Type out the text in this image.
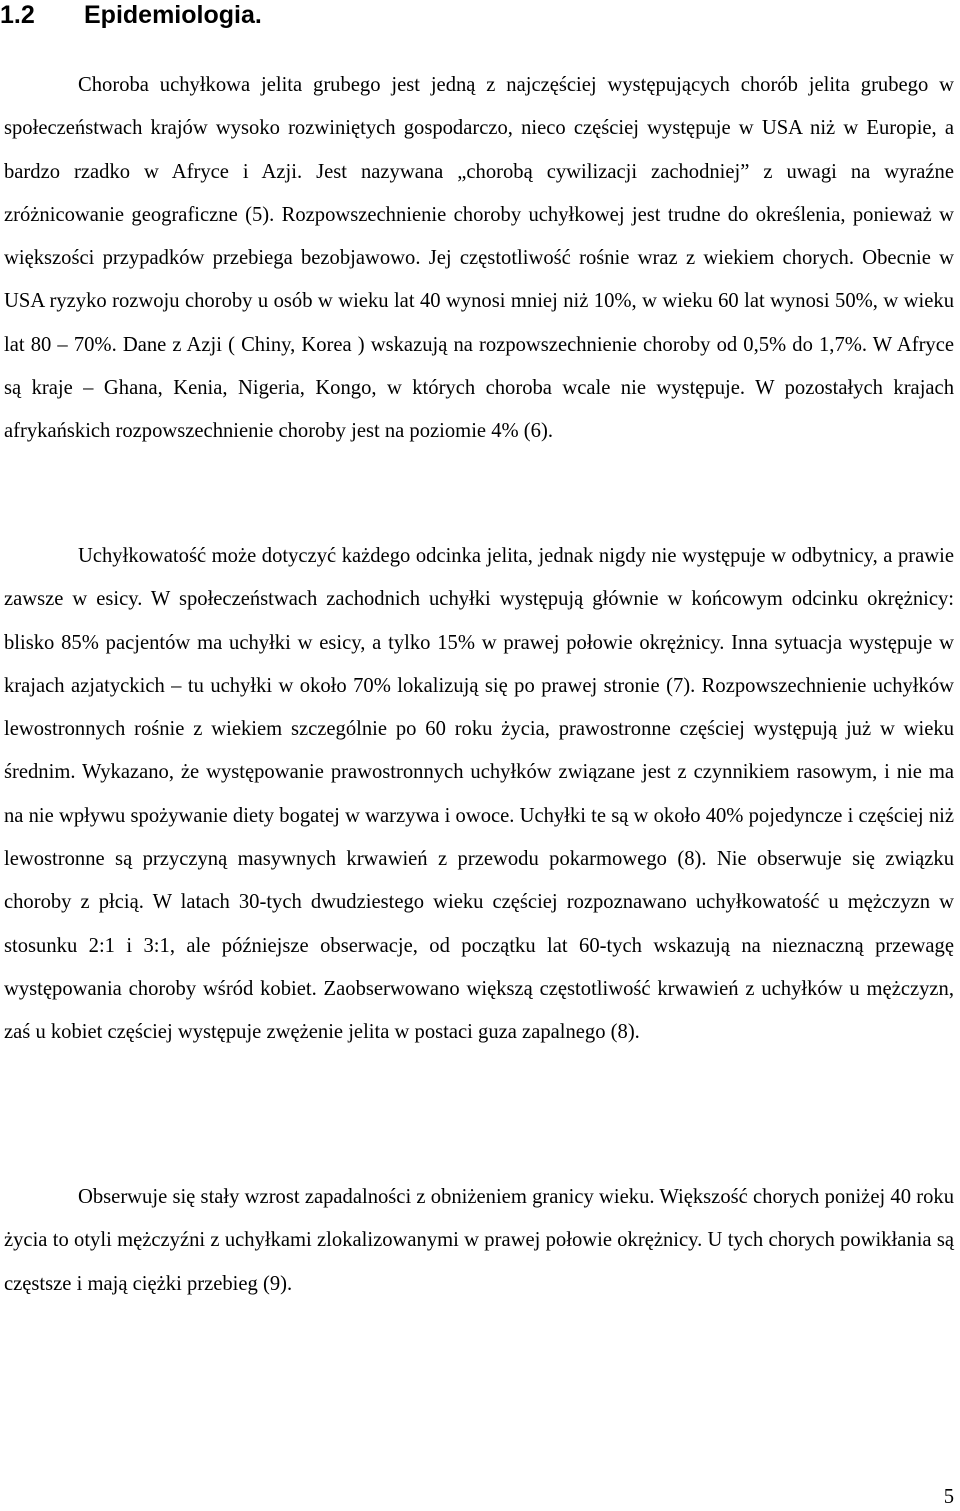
1.2 Epidemiologia.

Choroba uchyłkowa jelita grubego jest jedną z najczęściej występujących chorób jelita grubego w społeczeństwach krajów wysoko rozwiniętych gospodarczo, nieco częściej występuje w USA niż w Europie, a bardzo rzadko w Afryce i Azji. Jest nazywana „chorobą cywilizacji zachodniej” z uwagi na wyraźne zróżnicowanie geograficzne (5). Rozpowszechnienie choroby uchyłkowej jest trudne do określenia, ponieważ w większości przypadków przebiega bezobjawowo. Jej częstotliwość rośnie wraz z wiekiem chorych. Obecnie w USA ryzyko rozwoju choroby u osób w wieku lat 40 wynosi mniej niż 10%, w wieku 60 lat wynosi 50%, w wieku lat 80 – 70%. Dane z Azji ( Chiny, Korea ) wskazują na rozpowszechnienie choroby od 0,5% do 1,7%. W Afryce są kraje – Ghana, Kenia, Nigeria, Kongo, w których choroba wcale nie występuje. W pozostałych krajach afrykańskich rozpowszechnienie choroby jest na poziomie 4% (6).

Uchyłkowatość może dotyczyć każdego odcinka jelita, jednak nigdy nie występuje w odbytnicy, a prawie zawsze w esicy. W społeczeństwach zachodnich uchyłki występują głównie w końcowym odcinku okrężnicy: blisko 85% pacjentów ma uchyłki w esicy, a tylko 15% w prawej połowie okrężnicy. Inna sytuacja występuje w krajach azjatyckich – tu uchyłki w około 70% lokalizują się po prawej stronie (7). Rozpowszechnienie uchyłków lewostronnych rośnie z wiekiem szczególnie po 60 roku życia, prawostronne częściej występują już w wieku średnim. Wykazano, że występowanie prawostronnych uchyłków związane jest z czynnikiem rasowym, i nie ma na nie wpływu spożywanie diety bogatej w warzywa i owoce. Uchyłki te są w około 40% pojedyncze i częściej niż lewostronne są przyczyną masywnych krwawień z przewodu pokarmowego (8). Nie obserwuje się związku choroby z płcią. W latach 30-tych dwudziestego wieku częściej rozpoznawano uchyłkowatość u mężczyzn w stosunku 2:1 i 3:1, ale późniejsze obserwacje, od początku lat 60-tych wskazują na nieznaczną przewagę występowania choroby wśród kobiet. Zaobserwowano większą częstotliwość krwawień z uchyłków u mężczyzn, zaś u kobiet częściej występuje zwężenie jelita w postaci guza zapalnego (8).

Obserwuje się stały wzrost zapadalności z obniżeniem granicy wieku. Większość chorych poniżej 40 roku życia to otyli mężczyźni z uchyłkami zlokalizowanymi w prawej połowie okrężnicy. U tych chorych powikłania są częstsze i mają ciężki przebieg (9).

5
